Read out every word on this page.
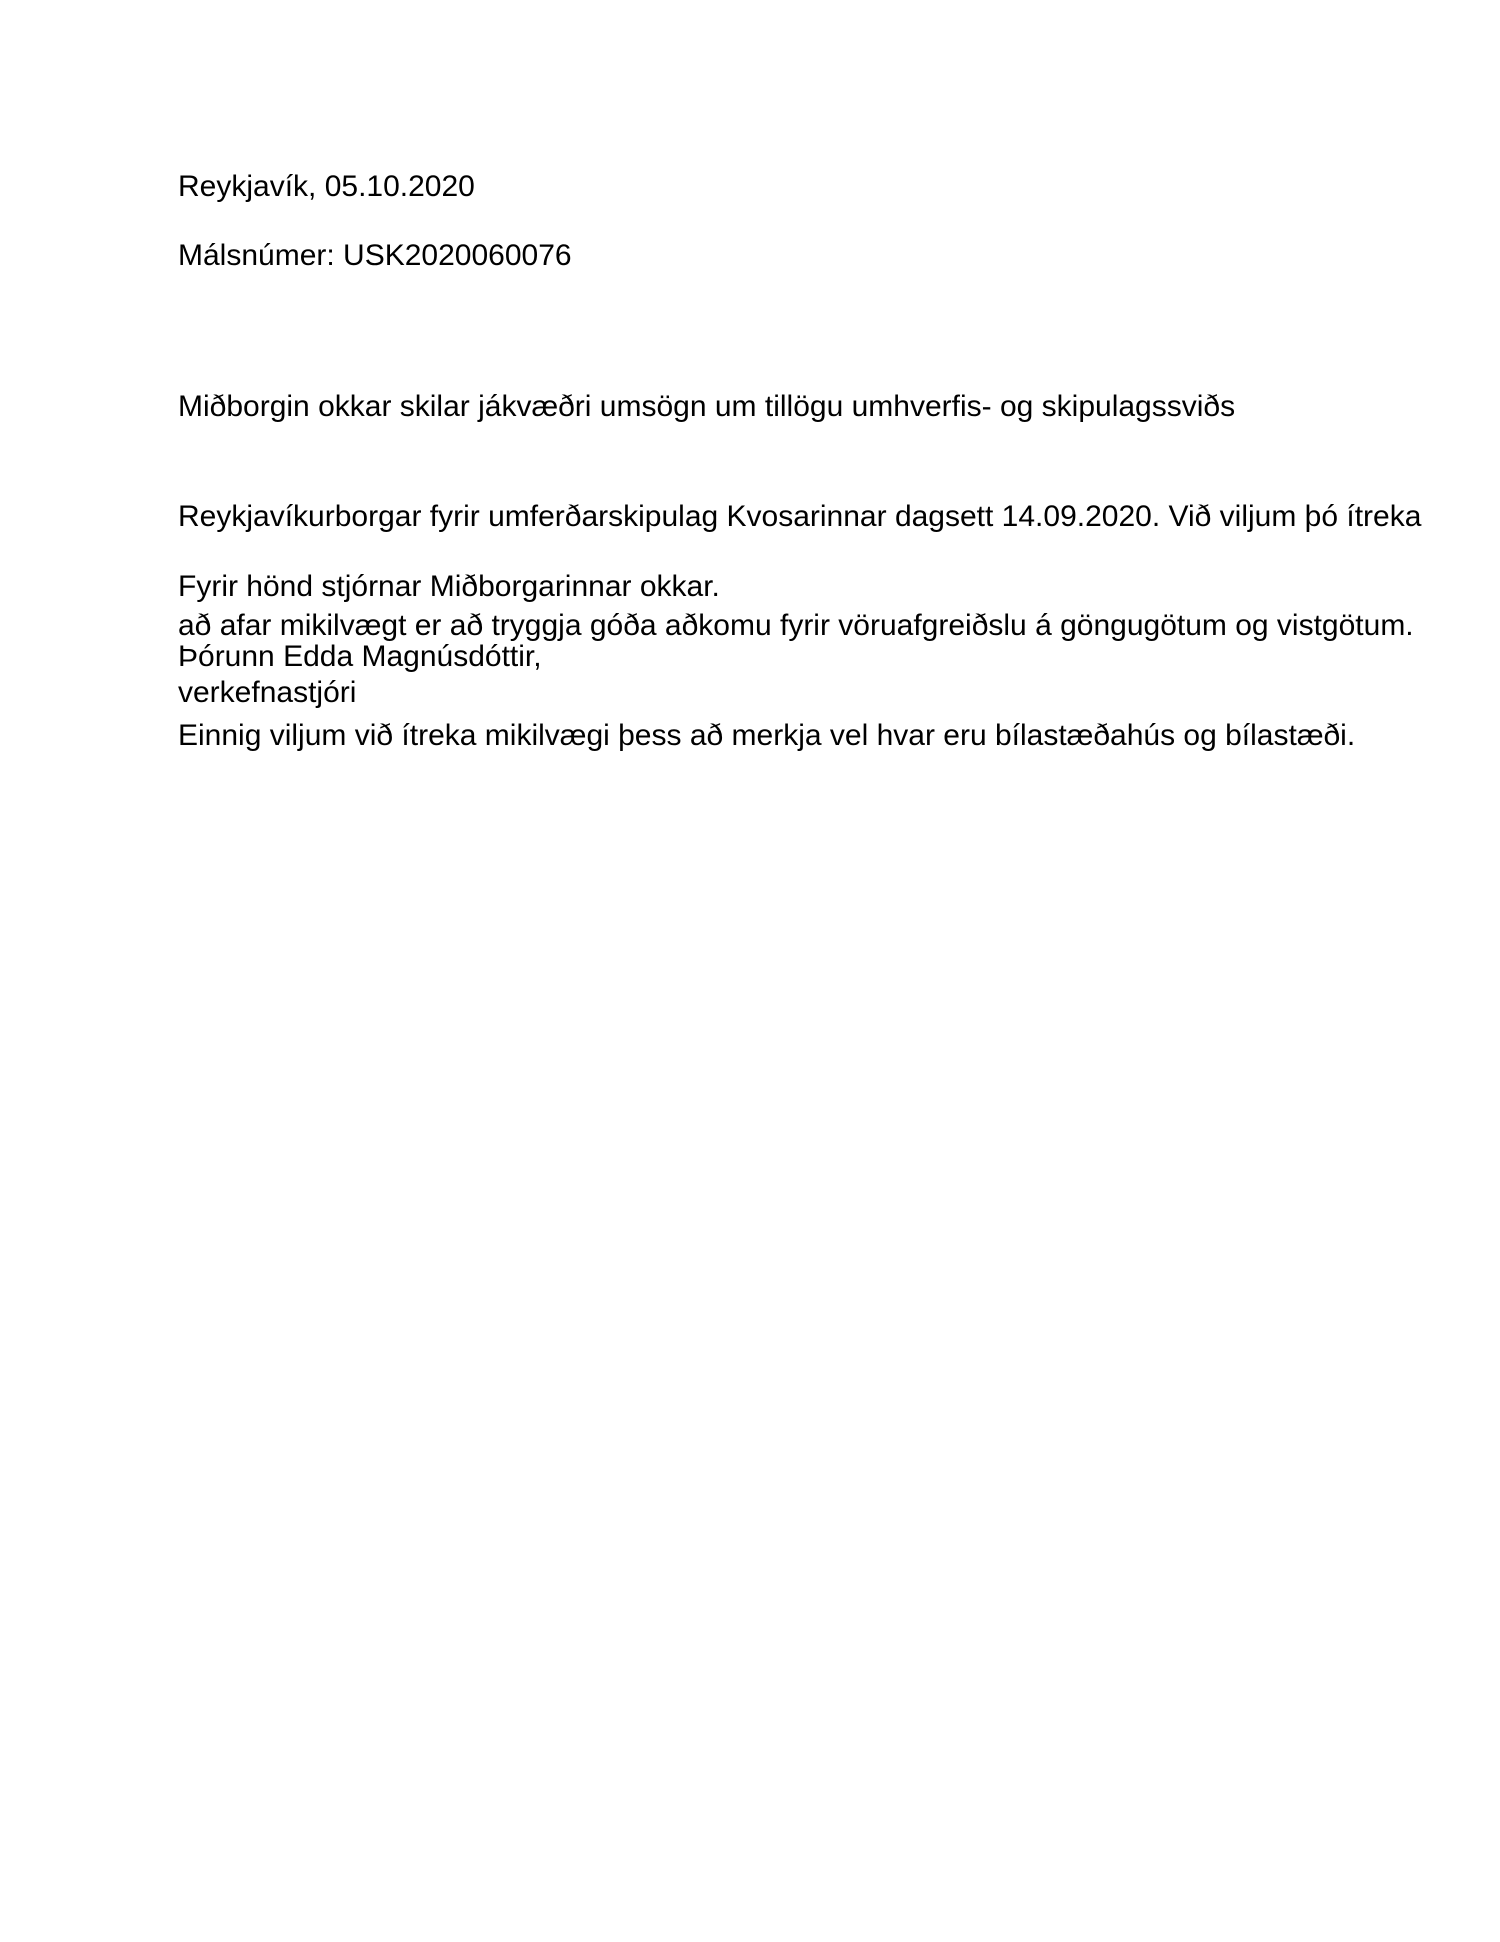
Reykjavík, 05.10.2020
Málsnúmer: USK2020060076

Miðborgin okkar skilar jákvæðri umsögn um tillögu umhverfis- og skipulagssviðs

Reykjavíkurborgar fyrir umferðarskipulag Kvosarinnar dagsett 14.09.2020. Við viljum þó ítreka

að afar mikilvægt er að tryggja góða aðkomu fyrir vöruafgreiðslu á göngugötum og vistgötum.

Einnig viljum við ítreka mikilvægi þess að merkja vel hvar eru bílastæðahús og bílastæði.

Fyrir hönd stjórnar Miðborgarinnar okkar.
Þórunn Edda Magnúsdóttir,
verkefnastjóri
